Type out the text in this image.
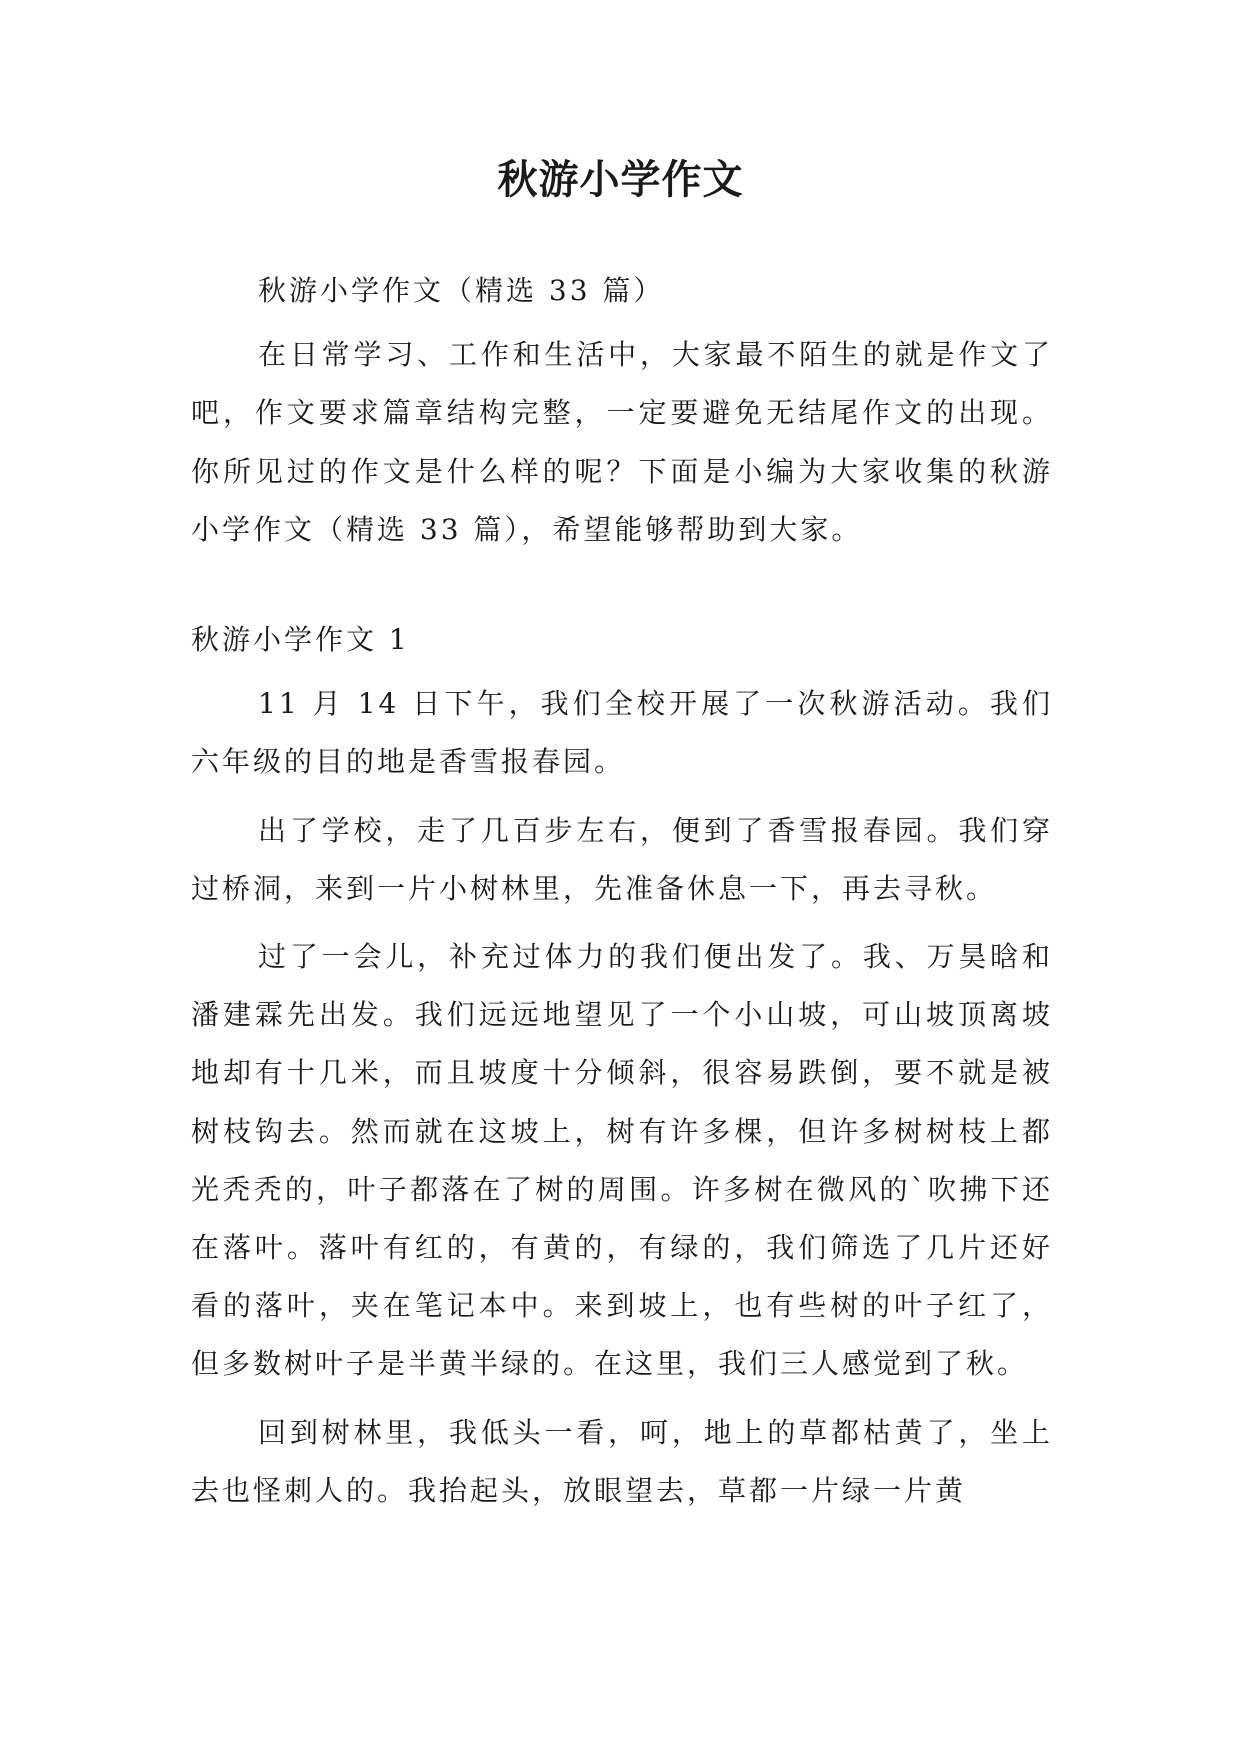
秋游小学作文

秋游小学作文（精选 33 篇）

在日常学习、工作和生活中，大家最不陌生的就是作文了吧，作文要求篇章结构完整，一定要避免无结尾作文的出现。你所见过的作文是什么样的呢？下面是小编为大家收集的秋游小学作文（精选 33 篇），希望能够帮助到大家。

秋游小学作文 1

11 月 14 日下午，我们全校开展了一次秋游活动。我们六年级的目的地是香雪报春园。

出了学校，走了几百步左右，便到了香雪报春园。我们穿过桥洞，来到一片小树林里，先准备休息一下，再去寻秋。

过了一会儿，补充过体力的我们便出发了。我、万昊晗和潘建霖先出发。我们远远地望见了一个小山坡，可山坡顶离坡地却有十几米，而且坡度十分倾斜，很容易跌倒，要不就是被树枝钩去。然而就在这坡上，树有许多棵，但许多树树枝上都光秃秃的，叶子都落在了树的周围。许多树在微风的`吹拂下还在落叶。落叶有红的，有黄的，有绿的，我们筛选了几片还好看的落叶，夹在笔记本中。来到坡上，也有些树的叶子红了，但多数树叶子是半黄半绿的。在这里，我们三人感觉到了秋。

回到树林里，我低头一看，呵，地上的草都枯黄了，坐上去也怪刺人的。我抬起头，放眼望去，草都一片绿一片黄
